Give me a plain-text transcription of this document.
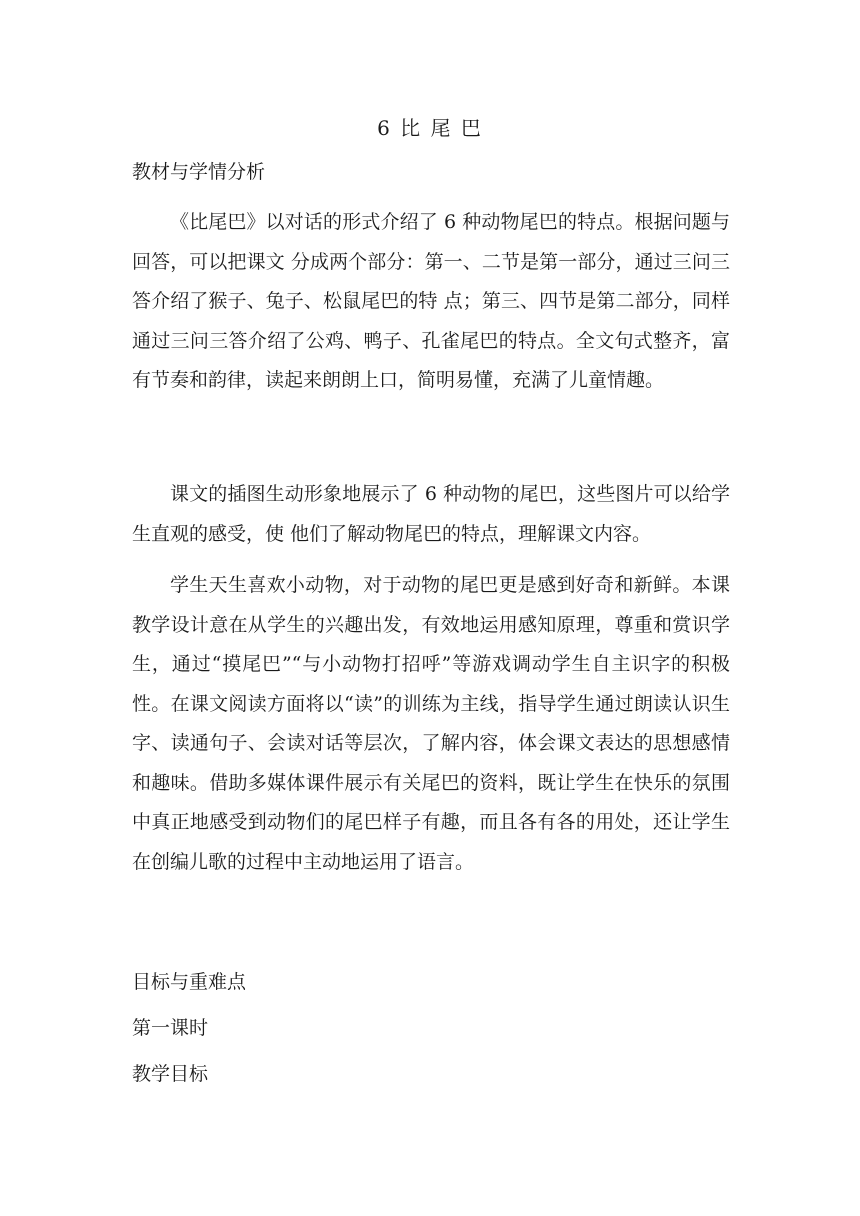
6 比 尾 巴
教材与学情分析

《比尾巴》以对话的形式介绍了 6 种动物尾巴的特点。根据问题与回答，可以把课文 分成两个部分：第一、二节是第一部分，通过三问三答介绍了猴子、兔子、松鼠尾巴的特 点；第三、四节是第二部分，同样通过三问三答介绍了公鸡、鸭子、孔雀尾巴的特点。全文句式整齐，富有节奏和韵律，读起来朗朗上口，简明易懂，充满了儿童情趣。

课文的插图生动形象地展示了 6 种动物的尾巴，这些图片可以给学生直观的感受，使 他们了解动物尾巴的特点，理解课文内容。

学生天生喜欢小动物，对于动物的尾巴更是感到好奇和新鲜。本课教学设计意在从学生的兴趣出发，有效地运用感知原理，尊重和赏识学生，通过“摸尾巴”“与小动物打招呼”等游戏调动学生自主识字的积极性。在课文阅读方面将以“读”的训练为主线，指导学生通过朗读认识生字、读通句子、会读对话等层次，了解内容，体会课文表达的思想感情和趣味。借助多媒体课件展示有关尾巴的资料，既让学生在快乐的氛围中真正地感受到动物们的尾巴样子有趣，而且各有各的用处，还让学生在创编儿歌的过程中主动地运用了语言。

目标与重难点
第一课时
教学目标
